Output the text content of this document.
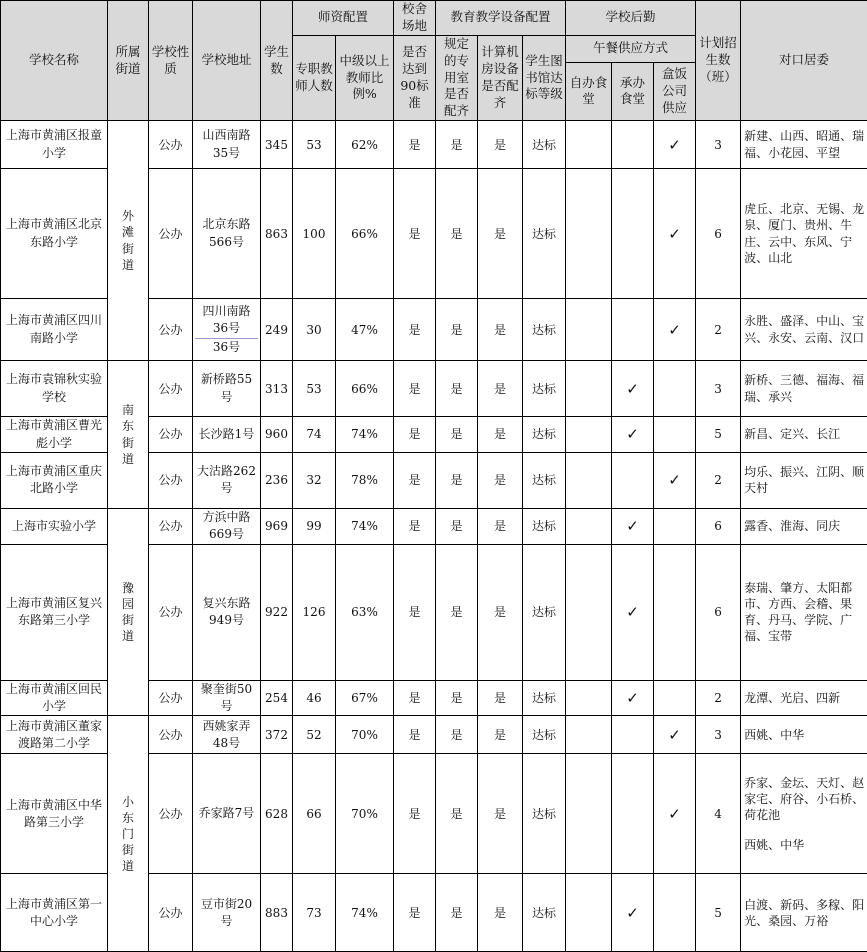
学校名称	所属街道	学校性质	学校地址	学生数	师资配置		校舍场地	教育教学设备配置			学校后勤			计划招生数（班）	对口居委
					专职教师人数	中级以上教师比例%	是否达到90标准	规定的专用室是否配齐	计算机房设备是否配齐	学生图书馆达标等级	午餐供应方式				
											自办食堂	承办食堂	盒饭公司供应		
上海市黄浦区报童小学	外滩街道	公办	山西南路35号	345	53	62%	是	是	是	达标			✓	3	新建、山西、昭通、瑞福、小花园、平望
上海市黄浦区北京东路小学		公办	北京东路566号	863	100	66%	是	是	是	达标			✓	6	虎丘、北京、无锡、龙泉、厦门、贵州、牛庄、云中、东风、宁波、山北
上海市黄浦区四川南路小学		公办	四川南路36号
36号	249	30	47%	是	是	是	达标			✓	2	永胜、盛泽、中山、宝兴、永安、云南、汉口
上海市袁锦秋实验学校	南东街道	公办	新桥路55号	313	53	66%	是	是	是	达标		✓		3	新桥、三德、福海、福瑞、承兴
上海市黄浦区曹光彪小学		公办	长沙路1号	960	74	74%	是	是	是	达标		✓		5	新昌、定兴、长江
上海市黄浦区重庆北路小学		公办	大沽路262号	236	32	78%	是	是	是	达标			✓	2	均乐、振兴、江阴、顺天村
上海市实验小学	豫园街道	公办	方浜中路669号	969	99	74%	是	是	是	达标		✓		6	露香、淮海、同庆
上海市黄浦区复兴东路第三小学		公办	复兴东路949号	922	126	63%	是	是	是	达标		✓		6	泰瑞、肇方、太阳都市、方西、会稽、果育、丹马、学院、广福、宝带
上海市黄浦区回民小学		公办	聚奎街50号	254	46	67%	是	是	是	达标		✓		2	龙潭、光启、四新
上海市黄浦区董家渡路第二小学	小东门街道	公办	西姚家弄48号	372	52	70%	是	是	是	达标			✓	3	西姚、中华
上海市黄浦区中华路第三小学		公办	乔家路7号	628	66	70%	是	是	是	达标			✓	4	乔家、金坛、天灯、赵家宅、府谷、小石桥、荷花池
西姚、中华

上海市黄浦区第一中心小学		公办	豆市街20号	883	73	74%	是	是	是	达标		✓		5	白渡、新码、多稼、阳光、桑园、万裕
